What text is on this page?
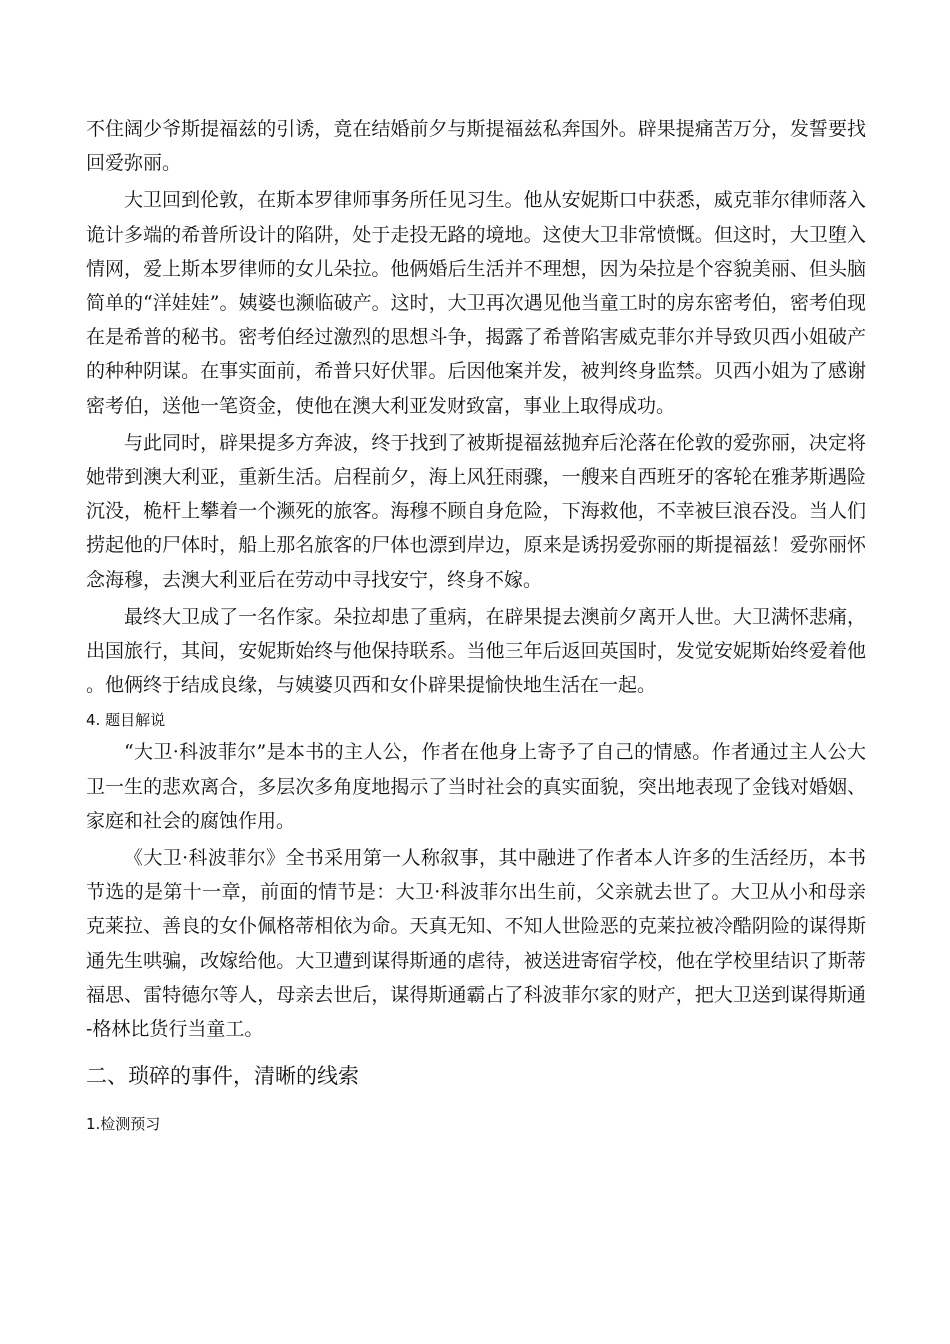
不住阔少爷斯提福兹的引诱，竟在结婚前夕与斯提福兹私奔国外。辟果提痛苦万分，发誓要找回爱弥丽。

大卫回到伦敦，在斯本罗律师事务所任见习生。他从安妮斯口中获悉，威克菲尔律师落入诡计多端的希普所设计的陷阱，处于走投无路的境地。这使大卫非常愤慨。但这时，大卫堕入情网，爱上斯本罗律师的女儿朵拉。他俩婚后生活并不理想，因为朵拉是个容貌美丽、但头脑简单的“洋娃娃”。姨婆也濒临破产。这时，大卫再次遇见他当童工时的房东密考伯，密考伯现在是希普的秘书。密考伯经过激烈的思想斗争，揭露了希普陷害威克菲尔并导致贝西小姐破产的种种阴谋。在事实面前，希普只好伏罪。后因他案并发，被判终身监禁。贝西小姐为了感谢密考伯，送他一笔资金，使他在澳大利亚发财致富，事业上取得成功。

与此同时，辟果提多方奔波，终于找到了被斯提福兹抛弃后沦落在伦敦的爱弥丽，决定将她带到澳大利亚，重新生活。启程前夕，海上风狂雨骤，一艘来自西班牙的客轮在雅茅斯遇险沉没，桅杆上攀着一个濒死的旅客。海穆不顾自身危险，下海救他，不幸被巨浪吞没。当人们捞起他的尸体时，船上那名旅客的尸体也漂到岸边，原来是诱拐爱弥丽的斯提福兹！爱弥丽怀念海穆，去澳大利亚后在劳动中寻找安宁，终身不嫁。

最终大卫成了一名作家。朵拉却患了重病，在辟果提去澳前夕离开人世。大卫满怀悲痛，出国旅行，其间，安妮斯始终与他保持联系。当他三年后返回英国时，发觉安妮斯始终爱着他。他俩终于结成良缘，与姨婆贝西和女仆辟果提愉快地生活在一起。

4. 题目解说

“大卫·科波菲尔”是本书的主人公，作者在他身上寄予了自己的情感。作者通过主人公大卫一生的悲欢离合，多层次多角度地揭示了当时社会的真实面貌，突出地表现了金钱对婚姻、家庭和社会的腐蚀作用。

《大卫·科波菲尔》全书采用第一人称叙事，其中融进了作者本人许多的生活经历，本书节选的是第十一章，前面的情节是：大卫·科波菲尔出生前，父亲就去世了。大卫从小和母亲克莱拉、善良的女仆佩格蒂相依为命。天真无知、不知人世险恶的克莱拉被冷酷阴险的谋得斯通先生哄骗，改嫁给他。大卫遭到谋得斯通的虐待，被送进寄宿学校，他在学校里结识了斯蒂福思、雷特德尔等人，母亲去世后，谋得斯通霸占了科波菲尔家的财产，把大卫送到谋得斯通-格林比货行当童工。

二、琐碎的事件，清晰的线索

1.检测预习
